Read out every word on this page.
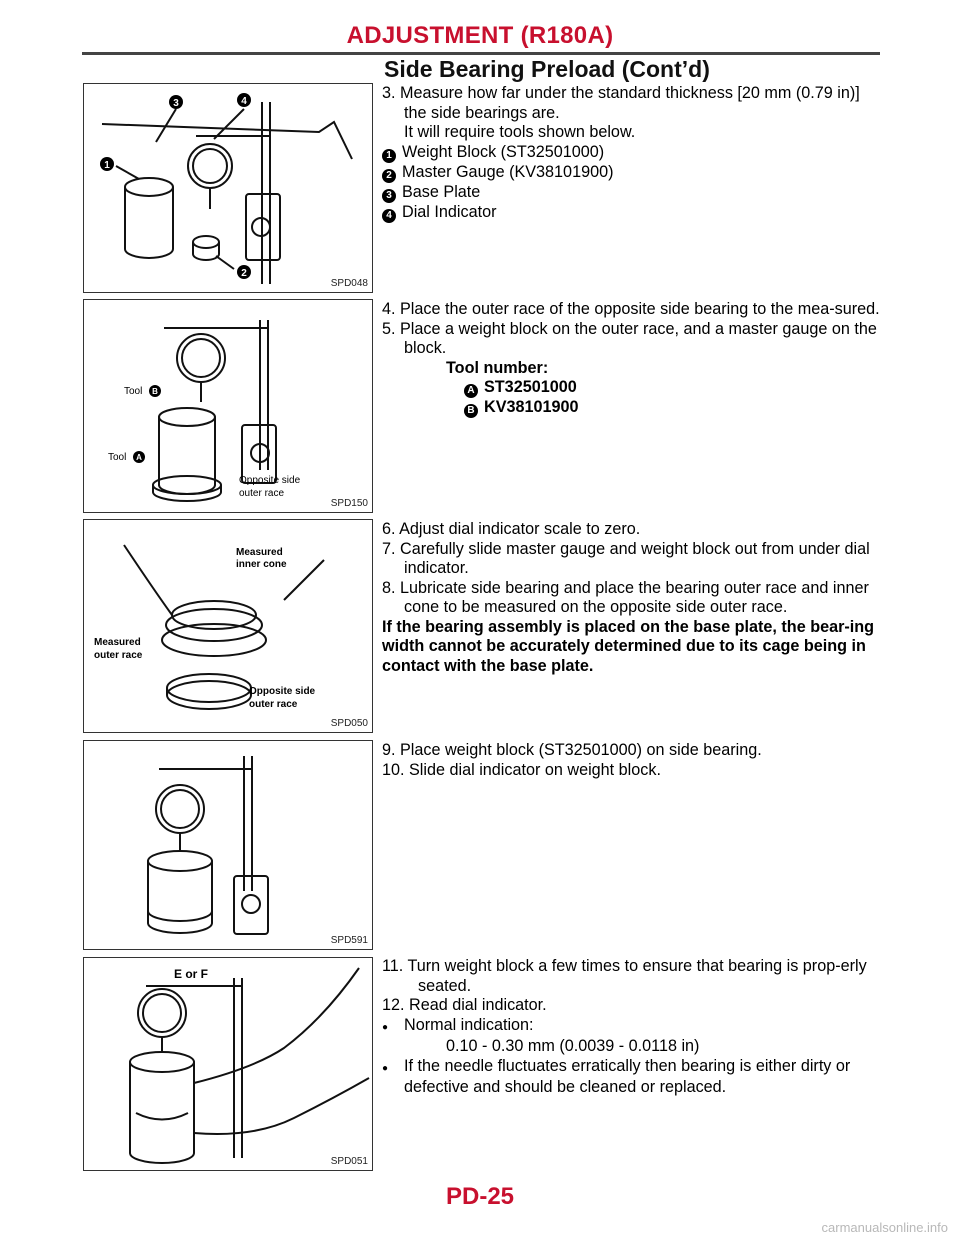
ADJUSTMENT (R180A)
Side Bearing Preload (Cont’d)
1
2
3	4
SPD048
Tool B
Tool A
Opposite side
outer race
SPD150
Measured
inner cone
Measured
outer race
Opposite side
outer race
SPD050
SPD591
E or F
SPD051

3. Measure how far under the standard thickness [20 mm (0.79 in)] the side bearings are.

It will require tools shown below.

1 Weight Block (ST32501000)

2 Master Gauge (KV38101900)

3 Base Plate

4 Dial Indicator

4. Place the outer race of the opposite side bearing to the mea-sured.

5. Place a weight block on the outer race, and a master gauge on the block.

Tool number:

A ST32501000

B KV38101900

6. Adjust dial indicator scale to zero.

7. Carefully slide master gauge and weight block out from under dial indicator.

8. Lubricate side bearing and place the bearing outer race and inner cone to be measured on the opposite side outer race.

If the bearing assembly is placed on the base plate, the bear-ing width cannot be accurately determined due to its cage being in contact with the base plate.

9. Place weight block (ST32501000) on side bearing.

10. Slide dial indicator on weight block.

11. Turn weight block a few times to ensure that bearing is prop-erly seated.

12. Read dial indicator.

● Normal indication:

0.10 - 0.30 mm (0.0039 - 0.0118 in)

● If the needle fluctuates erratically then bearing is either dirty or defective and should be cleaned or replaced.

PD-25
carmanualsonline.info
